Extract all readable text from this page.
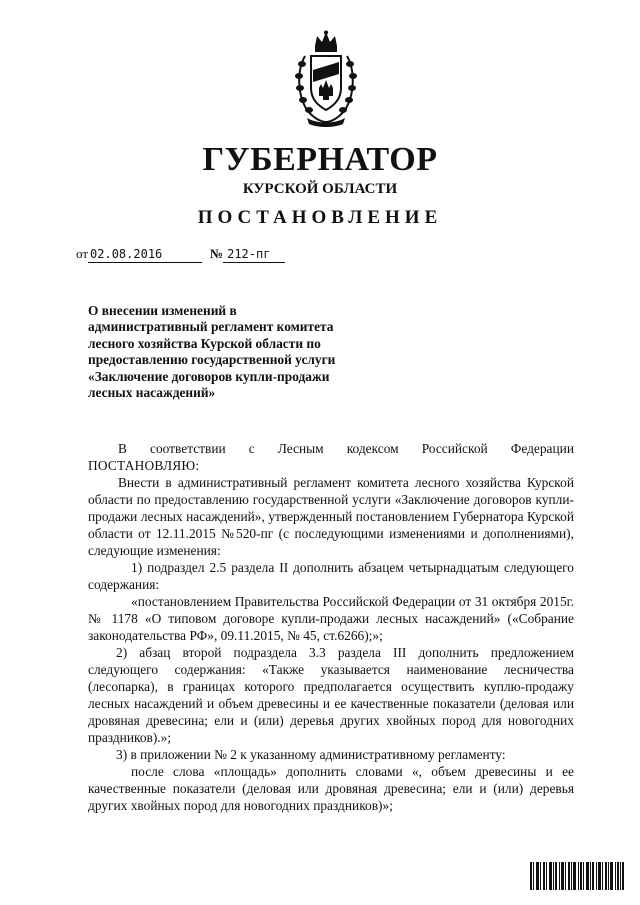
ГУБЕРНАТОР
КУРСКОЙ ОБЛАСТИ
ПОСТАНОВЛЕНИЕ
от 02.08.2016	№ 212-пг
О внесении изменений в
административный регламент комитета
лесного хозяйства Курской области по
предоставлению государственной услуги
«Заключение договоров купли-продажи
лесных насаждений»

В соответствии с Лесным кодексом Российской Федерации

ПОСТАНОВЛЯЮ:

Внести в административный регламент комитета лесного хозяйства Курской области по предоставлению государственной услуги «Заключение договоров купли-продажи лесных насаждений», утвержденный постановлением Губернатора Курской области от 12.11.2015 №520-пг (с последующими изменениями и дополнениями), следующие изменения:

1) подраздел 2.5 раздела II дополнить абзацем четырнадцатым следующего содержания:

«постановлением Правительства Российской Федерации от 31 октября 2015г. № 1178 «О типовом договоре купли-продажи лесных насаждений» («Собрание законодательства РФ», 09.11.2015, № 45, ст.6266);»;

2) абзац второй подраздела 3.3 раздела III дополнить предложением следующего содержания: «Также указывается наименование лесничества (лесопарка), в границах которого предполагается осуществить куплю-продажу лесных насаждений и объем древесины и ее качественные показатели (деловая или дровяная древесина; ели и (или) деревья других хвойных пород для новогодних праздников).»;

3) в приложении № 2 к указанному административному регламенту:

после слова «площадь» дополнить словами «, объем древесины и ее качественные показатели (деловая или дровяная древесина; ели и (или) деревья других хвойных пород для новогодних праздников)»;
